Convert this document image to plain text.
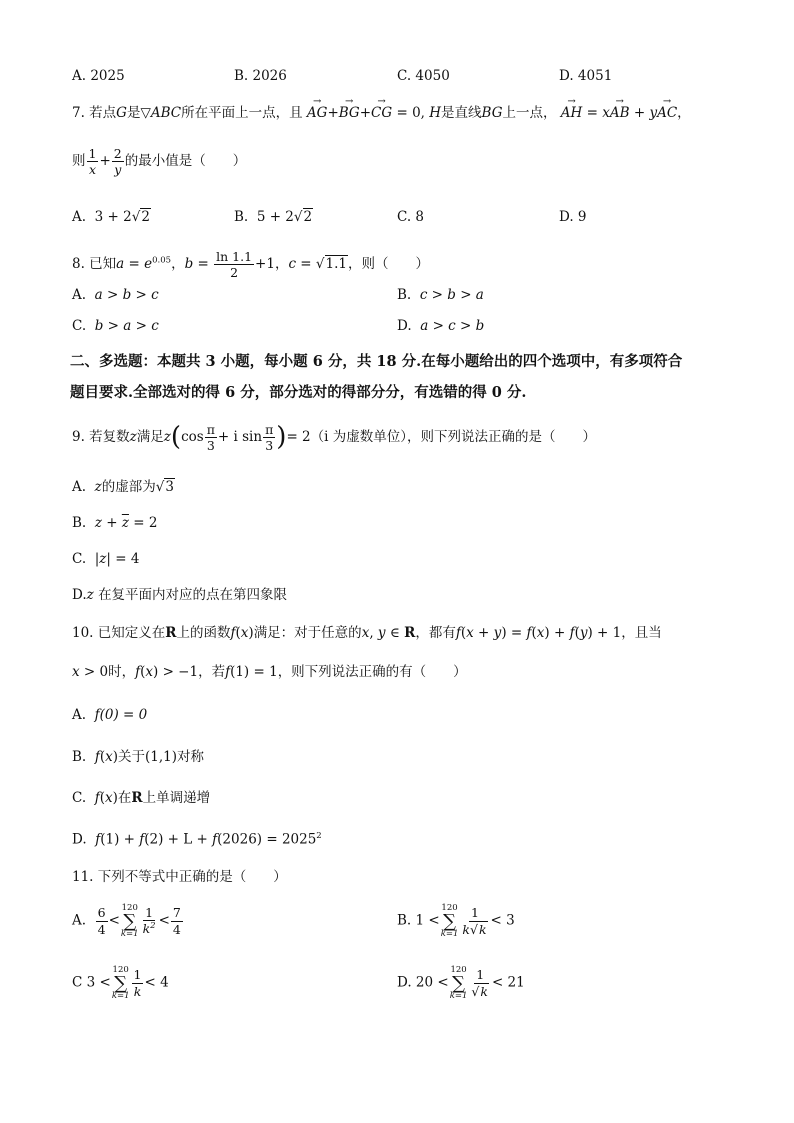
A. 2025	B. 2026	C. 4050	D. 4051
7. 若点G是▽ABC所在平面上一点，且 → AG+→ BG+→ CG = 0, H是直线BG上一点， → AH = x→ AB + y→ AC，
则 $\frac{1}{x} + \frac{2}{y}$ 的最小值是（　　）
A.  3 + 2√2	B.  5 + 2√2	C. 8	D. 9
8. 已知$a = e^{0.05}$，$b = \frac{\ln 1.1}{2} +1$，c = √1.1，则（　　）
A.  a > b > c	B.  c > b > a
C.  b > a > c	D.  a > c > b
二、多选题：本题共 3 小题，每小题 6 分，共 18 分.在每小题给出的四个选项中，有多项符合
题目要求.全部选对的得 6 分，部分选对的得部分分，有选错的得 0 分.
9. 若复数z满足$z(\cos \frac{\pi}{3} + i$ $\sin \frac{\pi}{3}$ )= 2（i 为虚数单位），则下列说法正确的是（　　）
A.  z的虚部为√3
B.  $z + \overline{z} = 2$
C.  |z| = 4
D.z 在复平面内对应的点在第四象限
10. 已知定义在R上的函数f(x)满足：对于任意的x, y ∈ R，都有f(x + y) = f(x) + f(y) + 1，且当
x > 0时，f(x) > −1，若f(1) = 1，则下列说法正确的有（　　）
A.  f(0) = 0
B.  f(x)关于(1,1)对称
C.  f(x)在R上单调递增
D.  $f(1) + f(2) + L + f(2026) = 2025^2$
11. 下列不等式中正确的是（　　）
A. $\frac{6}{4}$ <
120
∑
$k=1 \frac{1}{k^2} < \frac{7}{4}$	B. 1 <
120
∑
$k=1 \frac{1}{k√k} < 3$
C 3 <
120
∑
$k=1 \frac{1}{k} < 4$	D. 20 <
120
∑
$k=1 \frac{1}{√k} < 21$
